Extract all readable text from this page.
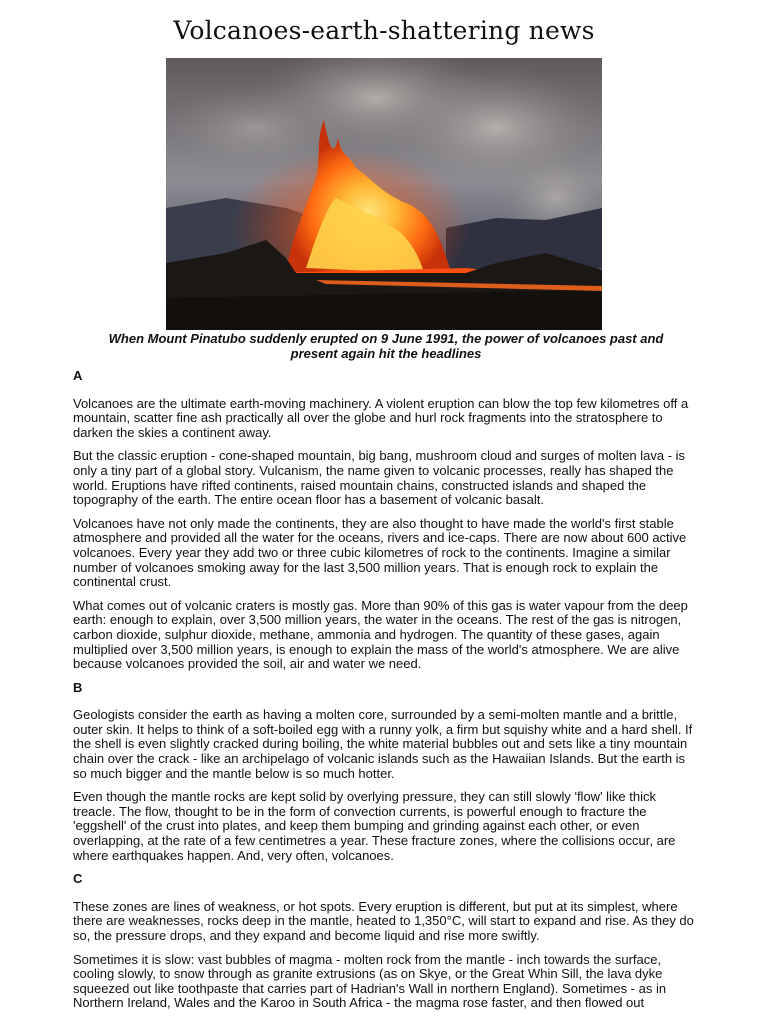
Volcanoes-earth-shattering news

When Mount Pinatubo suddenly erupted on 9 June 1991, the power of volcanoes past and present again hit the headlines

A

Volcanoes are the ultimate earth-moving machinery. A violent eruption can blow the top few kilometres off a mountain, scatter fine ash practically all over the globe and hurl rock fragments into the stratosphere to darken the skies a continent away.

But the classic eruption - cone-shaped mountain, big bang, mushroom cloud and surges of molten lava - is only a tiny part of a global story. Vulcanism, the name given to volcanic processes, really has shaped the world. Eruptions have rifted continents, raised mountain chains, constructed islands and shaped the topography of the earth. The entire ocean floor has a basement of volcanic basalt.

Volcanoes have not only made the continents, they are also thought to have made the world's first stable atmosphere and provided all the water for the oceans, rivers and ice-caps. There are now about 600 active volcanoes. Every year they add two or three cubic kilometres of rock to the continents. Imagine a similar number of volcanoes smoking away for the last 3,500 million years. That is enough rock to explain the continental crust.

What comes out of volcanic craters is mostly gas. More than 90% of this gas is water vapour from the deep earth: enough to explain, over 3,500 million years, the water in the oceans. The rest of the gas is nitrogen, carbon dioxide, sulphur dioxide, methane, ammonia and hydrogen. The quantity of these gases, again multiplied over 3,500 million years, is enough to explain the mass of the world's atmosphere. We are alive because volcanoes provided the soil, air and water we need.

B

Geologists consider the earth as having a molten core, surrounded by a semi-molten mantle and a brittle, outer skin. It helps to think of a soft-boiled egg with a runny yolk, a firm but squishy white and a hard shell. If the shell is even slightly cracked during boiling, the white material bubbles out and sets like a tiny mountain chain over the crack - like an archipelago of volcanic islands such as the Hawaiian Islands. But the earth is so much bigger and the mantle below is so much hotter.

Even though the mantle rocks are kept solid by overlying pressure, they can still slowly 'flow' like thick treacle. The flow, thought to be in the form of convection currents, is powerful enough to fracture the 'eggshell' of the crust into plates, and keep them bumping and grinding against each other, or even overlapping, at the rate of a few centimetres a year. These fracture zones, where the collisions occur, are where earthquakes happen. And, very often, volcanoes.

C

These zones are lines of weakness, or hot spots. Every eruption is different, but put at its simplest, where there are weaknesses, rocks deep in the mantle, heated to 1,350°C, will start to expand and rise. As they do so, the pressure drops, and they expand and become liquid and rise more swiftly.

Sometimes it is slow: vast bubbles of magma - molten rock from the mantle - inch towards the surface, cooling slowly, to snow through as granite extrusions (as on Skye, or the Great Whin Sill, the lava dyke squeezed out like toothpaste that carries part of Hadrian's Wall in northern England). Sometimes - as in Northern Ireland, Wales and the Karoo in South Africa - the magma rose faster, and then flowed out
